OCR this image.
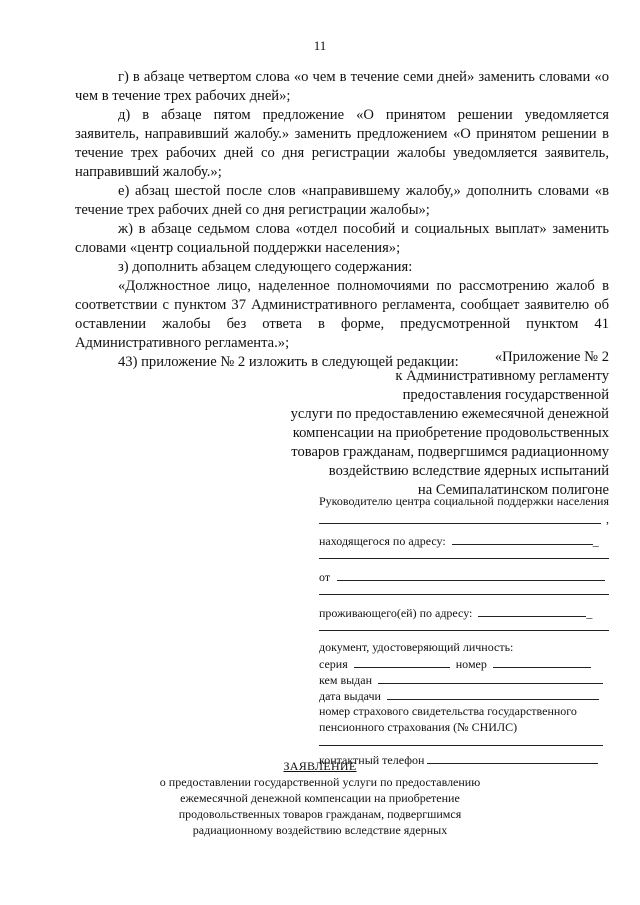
11

г) в абзаце четвертом слова «о чем в течение семи дней» заменить словами «о чем в течение трех рабочих дней»;

д) в абзаце пятом предложение «О принятом решении уведомляется заявитель, направивший жалобу.» заменить предложением «О принятом решении в течение трех рабочих дней со дня регистрации жалобы уведомляется заявитель, направивший жалобу.»;

е) абзац шестой после слов «направившему жалобу,» дополнить словами «в течение трех рабочих дней со дня регистрации жалобы»;

ж) в абзаце седьмом слова «отдел пособий и социальных выплат» заменить словами «центр социальной поддержки населения»;

з) дополнить абзацем следующего содержания:

«Должностное лицо, наделенное полномочиями по рассмотрению жалоб в соответствии с пунктом 37 Административного регламента, сообщает заявителю об оставлении жалобы без ответа в форме, предусмотренной пунктом 41 Административного регламента.»;

43) приложение № 2 изложить в следующей редакции:	«Приложение № 2
к Административному регламенту
предоставления государственной
услуги по предоставлению ежемесячной денежной
компенсации на приобретение продовольственных
товаров гражданам, подвергшимся радиационному
воздействию вследствие ядерных испытаний
на Семипалатинском полигоне
Руководителю центра социальной поддержки населения
,
находящегося по адресу:	_
от
проживающего(ей) по адресу:	_
документ, удостоверяющий личность:
серия	номер
кем выдан
дата выдачи
номер страхового свидетельства государственного пенсионного страхования (№ СНИЛС)
контактный телефон
ЗАЯВЛЕНИЕ
о предоставлении государственной услуги по предоставлению
ежемесячной денежной компенсации на приобретение
продовольственных товаров гражданам, подвергшимся
радиационному воздействию вследствие ядерных
